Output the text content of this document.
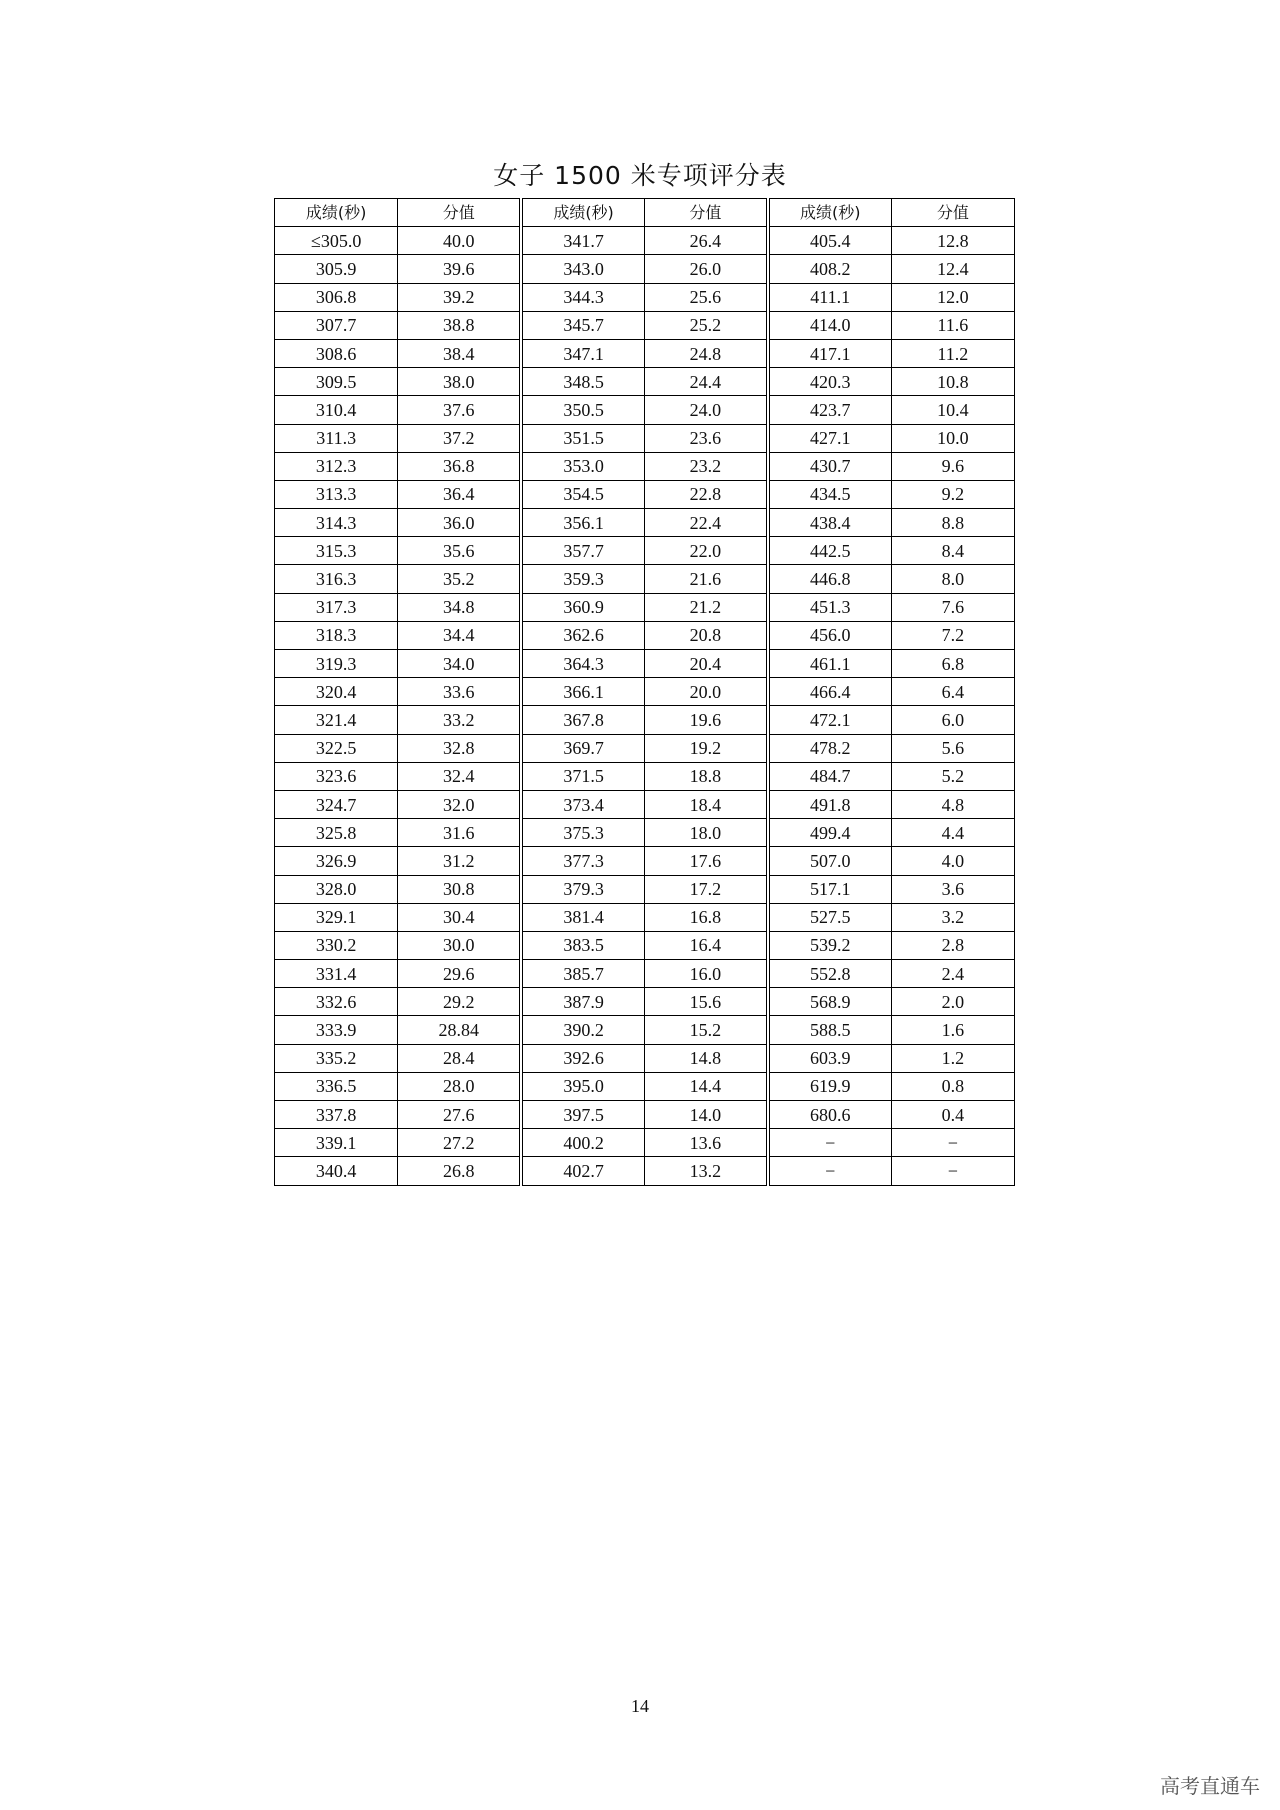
女子 1500 米专项评分表
成绩(秒)	分值	成绩(秒)	分值	成绩(秒)	分值
≤305.0	40.0	341.7	26.4	405.4	12.8
305.9	39.6	343.0	26.0	408.2	12.4
306.8	39.2	344.3	25.6	411.1	12.0
307.7	38.8	345.7	25.2	414.0	11.6
308.6	38.4	347.1	24.8	417.1	11.2
309.5	38.0	348.5	24.4	420.3	10.8
310.4	37.6	350.5	24.0	423.7	10.4
311.3	37.2	351.5	23.6	427.1	10.0
312.3	36.8	353.0	23.2	430.7	9.6
313.3	36.4	354.5	22.8	434.5	9.2
314.3	36.0	356.1	22.4	438.4	8.8
315.3	35.6	357.7	22.0	442.5	8.4
316.3	35.2	359.3	21.6	446.8	8.0
317.3	34.8	360.9	21.2	451.3	7.6
318.3	34.4	362.6	20.8	456.0	7.2
319.3	34.0	364.3	20.4	461.1	6.8
320.4	33.6	366.1	20.0	466.4	6.4
321.4	33.2	367.8	19.6	472.1	6.0
322.5	32.8	369.7	19.2	478.2	5.6
323.6	32.4	371.5	18.8	484.7	5.2
324.7	32.0	373.4	18.4	491.8	4.8
325.8	31.6	375.3	18.0	499.4	4.4
326.9	31.2	377.3	17.6	507.0	4.0
328.0	30.8	379.3	17.2	517.1	3.6
329.1	30.4	381.4	16.8	527.5	3.2
330.2	30.0	383.5	16.4	539.2	2.8
331.4	29.6	385.7	16.0	552.8	2.4
332.6	29.2	387.9	15.6	568.9	2.0
333.9	28.84	390.2	15.2	588.5	1.6
335.2	28.4	392.6	14.8	603.9	1.2
336.5	28.0	395.0	14.4	619.9	0.8
337.8	27.6	397.5	14.0	680.6	0.4
339.1	27.2	400.2	13.6	−	−
340.4	26.8	402.7	13.2	−	−
14
高考直通车
